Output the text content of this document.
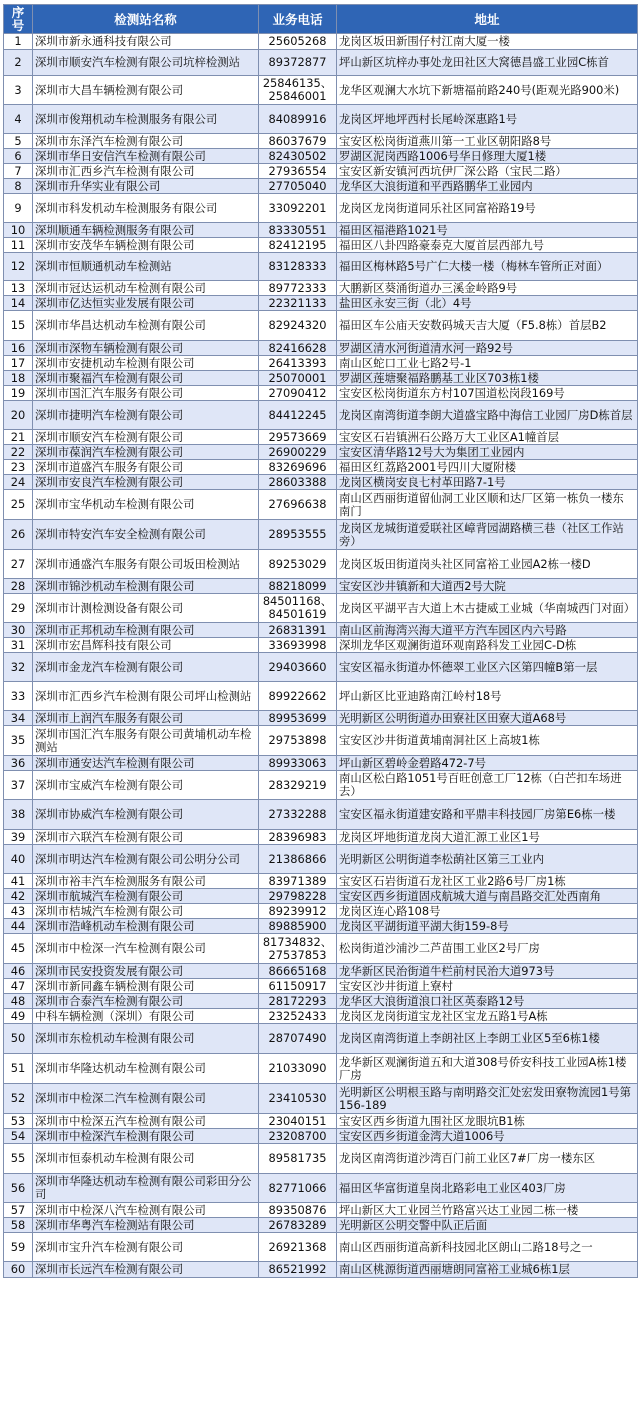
序号	检测站名称	业务电话	地址
1	深圳市新永通科技有限公司	25605268	龙岗区坂田新围仔村江南大厦一楼
2	深圳市顺安汽车检测有限公司坑梓检测站	89372877	坪山新区坑梓办事处龙田社区大窝德昌盛工业园C栋首
3	深圳市大昌车辆检测有限公司	25846135、25846001	龙华区观澜大水坑下新塘福前路240号(距观光路900米)
4	深圳市俊翔机动车检测服务有限公司	84089916	龙岗区坪地坪西村长尾岭深惠路1号
5	深圳市东泽汽车检测有限公司	86037679	宝安区松岗街道燕川第一工业区朝阳路8号
6	深圳市华日安信汽车检测有限公司	82430502	罗湖区泥岗西路1006号华日修理大厦1楼
7	深圳市汇西乡汽车检测有限公司	27936554	宝安区新安镇河西坑伊厂深公路（宝民二路）
8	深圳市升华实业有限公司	27705040	龙华区大浪街道和平西路鹏华工业园内
9	深圳市科发机动车检测服务有限公司	33092201	龙岗区龙岗街道同乐社区同富裕路19号
10	深圳顺通车辆检测服务有限公司	83330551	福田区福港路1021号
11	深圳市安茂华车辆检测有限公司	82412195	福田区八卦四路豪泰克大厦首层西部九号
12	深圳市恒顺通机动车检测站	83128333	福田区梅林路5号广仁大楼一楼（梅林车管所正对面）
13	深圳市冠达运机动车检测有限公司	89772333	大鹏新区葵涌街道办三溪金岭路9号
14	深圳市亿达恒实业发展有限公司	22321133	盐田区永安三街（北）4号
15	深圳市华昌达机动车检测有限公司	82924320	福田区车公庙天安数码城天吉大厦（F5.8栋）首层B2
16	深圳市深物车辆检测有限公司	82416628	罗湖区清水河街道清水河一路92号
17	深圳市安捷机动车检测有限公司	26413393	南山区蛇口工业七路2号-1
18	深圳市聚福汽车检测有限公司	25070001	罗湖区莲塘聚福路鹏基工业区703栋1楼
19	深圳市国汇汽车服务有限公司	27090412	宝安区松岗街道东方村107国道松岗段169号
20	深圳市捷明汽车检测有限公司	84412245	龙岗区南湾街道李朗大道盛宝路中海信工业园厂房D栋首层
21	深圳市顺安汽车检测有限公司	29573669	宝安区石岩镇洲石公路万大工业区A1幢首层
22	深圳市葆润汽车检测有限公司	26900229	宝安区清华路12号大为集团工业园内
23	深圳市道盛汽车服务有限公司	83269696	福田区红荔路2001号四川大厦附楼
24	深圳市安良汽车检测有限公司	28603388	龙岗区横岗安良七村革田路7-1号
25	深圳市宝华机动车检测有限公司	27696638	南山区西丽街道留仙洞工业区顺和达厂区第一栋负一楼东南门
26	深圳市特安汽车安全检测有限公司	28953555	龙岗区龙城街道爱联社区嶂背园湖路横三巷（社区工作站旁）
27	深圳市通盛汽车服务有限公司坂田检测站	89253029	龙岗区坂田街道岗头社区同富裕工业园A2栋一楼D
28	深圳市锦沙机动车检测有限公司	88218099	宝安区沙井镇新和大道西2号大院
29	深圳市计测检测设备有限公司	84501168、84501619	龙岗区平湖平吉大道上木古捷威工业城（华南城西门对面）
30	深圳市正邦机动车检测有限公司	26831391	南山区前海湾兴海大道平方汽车园区内六号路
31	深圳市宏昌辉科技有限公司	33693998	深圳龙华区观澜街道环观南路科发工业园C-D栋
32	深圳市金龙汽车检测有限公司	29403660	宝安区福永街道办怀德翠工业区六区第四幢B第一层
33	深圳市汇西乡汽车检测有限公司坪山检测站	89922662	坪山新区比亚迪路南江岭村18号
34	深圳市上润汽车服务有限公司	89953699	光明新区公明街道办田寮社区田寮大道A68号
35	深圳市国汇汽车服务有限公司黄埔机动车检测站	29753898	宝安区沙井街道黄埔南洞社区上高坡1栋
36	深圳市通安达汽车检测有限公司	89933063	坪山新区碧岭金碧路472-7号
37	深圳市宝威汽车检测有限公司	28329219	南山区松白路1051号百旺创意工厂12栋（白芒扣车场进去）
38	深圳市协威汽车检测有限公司	27332288	宝安区福永街道建安路和平鼎丰科技园厂房第E6栋一楼
39	深圳市六联汽车检测有限公司	28396983	龙岗区坪地街道龙岗大道汇源工业区1号
40	深圳市明达汽车检测有限公司公明分公司	21386866	光明新区公明街道李松蓢社区第三工业内
41	深圳市裕丰汽车检测服务有限公司	83971389	宝安区石岩街道石龙社区工业2路6号厂房1栋
42	深圳市航城汽车检测有限公司	29798228	宝安区西乡街道固戍航城大道与南昌路交汇处西南角
43	深圳市桔城汽车检测有限公司	89239912	龙岗区连心路108号
44	深圳市浩峰机动车检测有限公司	89885900	龙岗区平湖街道平湖大街159-8号
45	深圳市中检深一汽车检测有限公司	81734832、27537853	松岗街道沙浦沙二芦苗围工业区2号厂房
46	深圳市民安投资发展有限公司	86665168	龙华新区民治街道牛栏前村民治大道973号
47	深圳市新同鑫车辆检测有限公司	61150917	宝安区沙井街道上寮村
48	深圳市合泰汽车检测有限公司	28172293	龙华区大浪街道浪口社区英泰路12号
49	中科车辆检测（深圳）有限公司	23252433	龙岗区龙岗街道宝龙社区宝龙五路1号A栋
50	深圳市东检机动车检测有限公司	28707490	龙岗区南湾街道上李朗社区上李朗工业区5至6栋1楼
51	深圳市华隆达机动车检测有限公司	21033090	龙华新区观澜街道五和大道308号侨安科技工业园A栋1楼厂房
52	深圳市中检深二汽车检测有限公司	23410530	光明新区公明根玉路与南明路交汇处宏发田寮物流园1号第156-189
53	深圳市中检深五汽车检测有限公司	23040151	宝安区西乡街道九围社区龙眼坑B1栋
54	深圳市中检深汽车检测有限公司	23208700	宝安区西乡街道金湾大道1006号
55	深圳市恒泰机动车检测有限公司	89581735	龙岗区南湾街道沙湾百门前工业区7#厂房一楼东区
56	深圳市华隆达机动车检测有限公司彩田分公司	82771066	福田区华富街道皇岗北路彩电工业区403厂房
57	深圳市中检深八汽车检测有限公司	89350876	坪山新区大工业园兰竹路富兴达工业园二栋一楼
58	深圳市华粤汽车检测站有限公司	26783289	光明新区公明交警中队正后面
59	深圳市宝升汽车检测有限公司	26921368	南山区西丽街道高新科技园北区朗山二路18号之一
60	深圳市长远汽车检测有限公司	86521992	南山区桃源街道西丽塘朗同富裕工业城6栋1层
